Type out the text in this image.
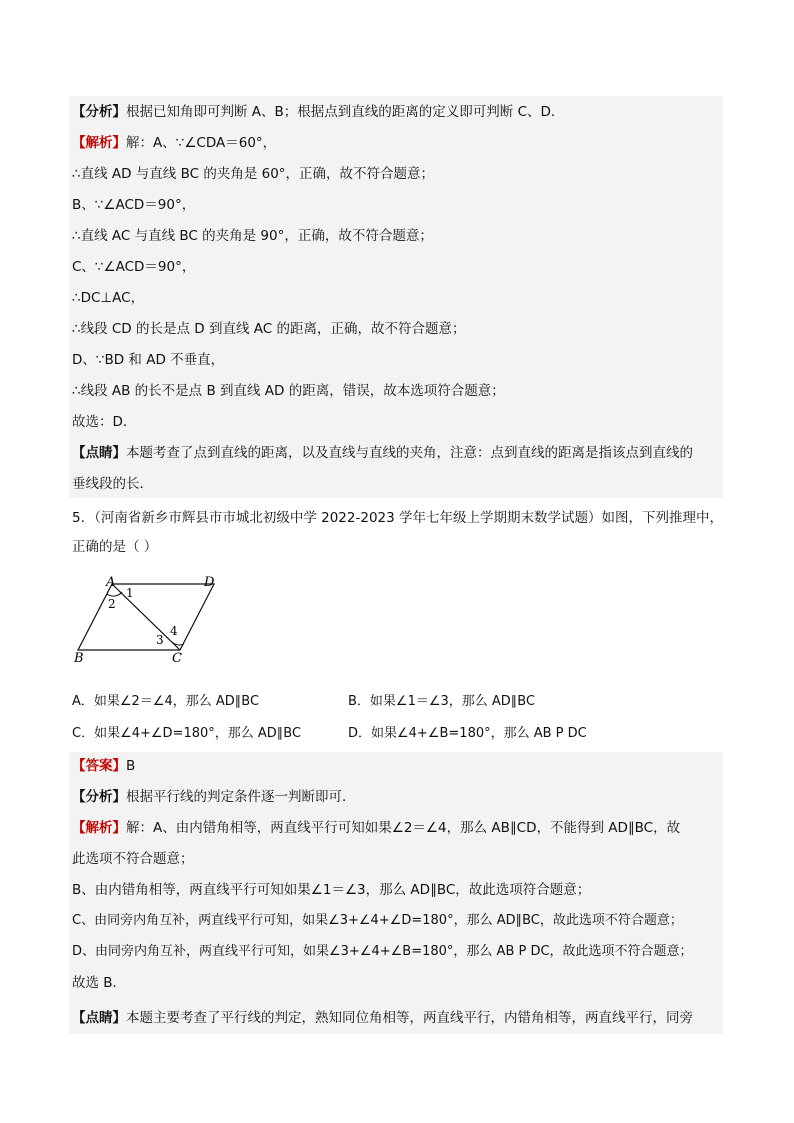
【分析】根据已知角即可判断 A、B；根据点到直线的距离的定义即可判断 C、D．
【解析】解：A、∵∠CDA＝60°，
∴直线 AD 与直线 BC 的夹角是 60°，正确，故不符合题意；
B、∵∠ACD＝90°，
∴直线 AC 与直线 BC 的夹角是 90°，正确，故不符合题意；
C、∵∠ACD＝90°，
∴DC⊥AC，
∴线段 CD 的长是点 D 到直线 AC 的距离，正确，故不符合题意；
D、∵BD 和 AD 不垂直，
∴线段 AB 的长不是点 B 到直线 AD 的距离，错误，故本选项符合题意；
故选：D．
【点睛】本题考查了点到直线的距离，以及直线与直线的夹角，注意：点到直线的距离是指该点到直线的
垂线段的长．
5．（河南省新乡市辉县市市城北初级中学 2022-2023 学年七年级上学期期末数学试题）如图，下列推理中，
正确的是（ ）
A	D
B	C
1
2
3
4
A．如果∠2＝∠4，那么 AD∥BC	B．如果∠1＝∠3，那么 AD∥BC
C．如果∠4+∠D=180°，那么 AD∥BC	D．如果∠4+∠B=180°，那么 AB P DC
【答案】B
【分析】根据平行线的判定条件逐一判断即可．
【解析】解：A、由内错角相等，两直线平行可知如果∠2＝∠4，那么 AB∥CD，不能得到 AD∥BC，故
此选项不符合题意；
B、由内错角相等，两直线平行可知如果∠1＝∠3，那么 AD∥BC，故此选项符合题意；
C、由同旁内角互补，两直线平行可知，如果∠3+∠4+∠D=180°，那么 AD∥BC，故此选项不符合题意；
D、由同旁内角互补，两直线平行可知，如果∠3+∠4+∠B=180°，那么 AB P DC，故此选项不符合题意；
故选 B．
【点睛】本题主要考查了平行线的判定，熟知同位角相等，两直线平行，内错角相等，两直线平行，同旁
